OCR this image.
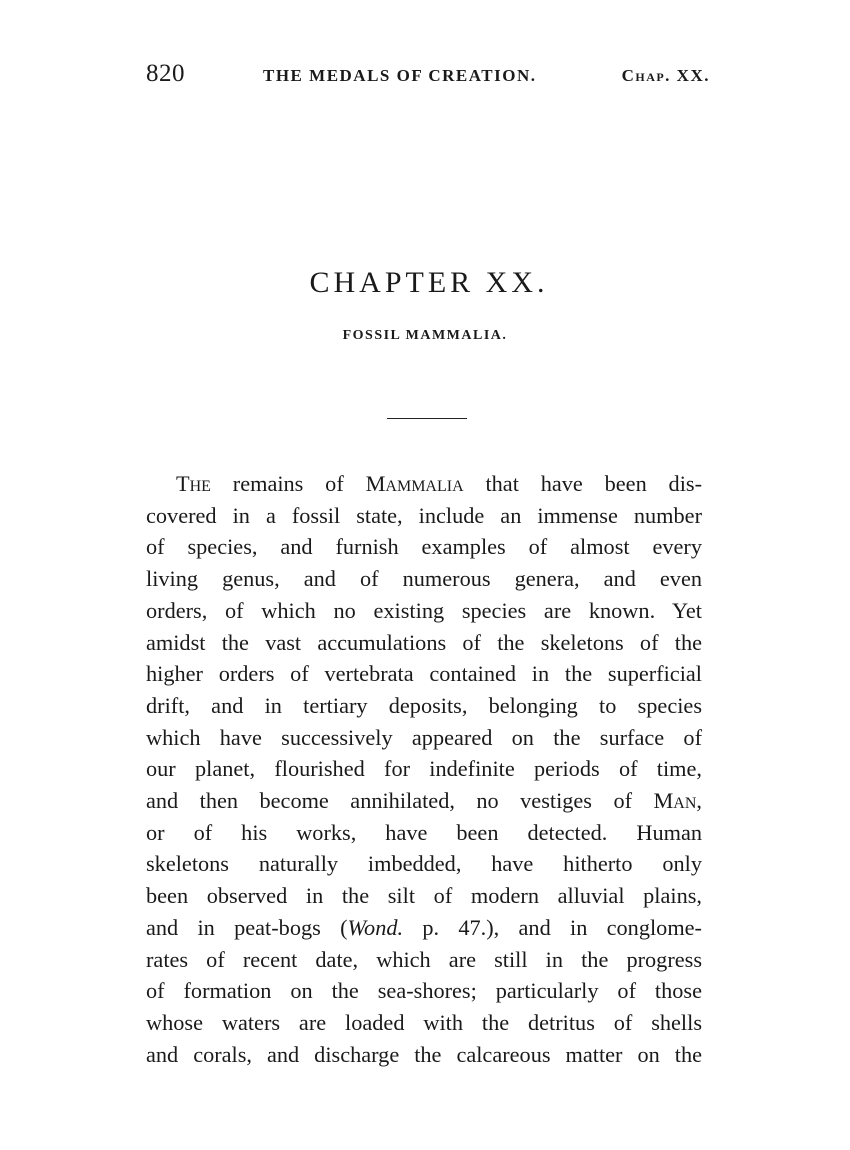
820	THE MEDALS OF CREATION.	Chap. XX.
CHAPTER XX.
FOSSIL MAMMALIA.
The remains of Mammalia that have been dis-
covered in a fossil state, include an immense number
of species, and furnish examples of almost every
living genus, and of numerous genera, and even
orders, of which no existing species are known. Yet
amidst the vast accumulations of the skeletons of the
higher orders of vertebrata contained in the superficial
drift, and in tertiary deposits, belonging to species
which have successively appeared on the surface of
our planet, flourished for indefinite periods of time,
and then become annihilated, no vestiges of Man,
or of his works, have been detected. Human
skeletons naturally imbedded, have hitherto only
been observed in the silt of modern alluvial plains,
and in peat-bogs (Wond. p. 47.), and in conglome-
rates of recent date, which are still in the progress
of formation on the sea-shores; particularly of those
whose waters are loaded with the detritus of shells
and corals, and discharge the calcareous matter on the
